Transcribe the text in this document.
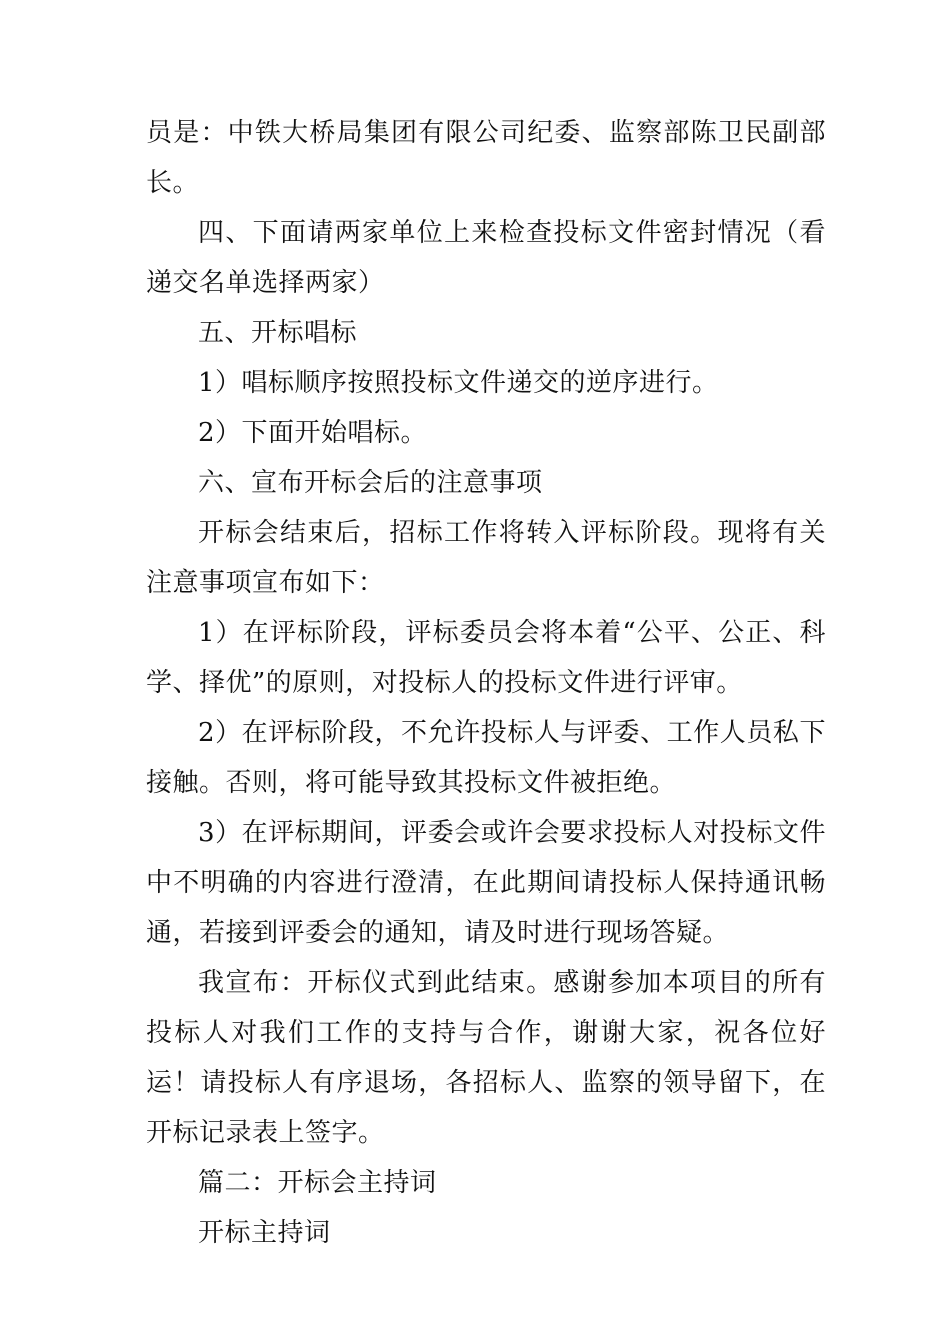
员是：中铁大桥局集团有限公司纪委、监察部陈卫民副部长。

四、下面请两家单位上来检查投标文件密封情况（看递交名单选择两家）

五、开标唱标

1）唱标顺序按照投标文件递交的逆序进行。

2）下面开始唱标。

六、宣布开标会后的注意事项

开标会结束后，招标工作将转入评标阶段。现将有关注意事项宣布如下：

1）在评标阶段，评标委员会将本着“公平、公正、科学、择优”的原则，对投标人的投标文件进行评审。

2）在评标阶段，不允许投标人与评委、工作人员私下接触。否则，将可能导致其投标文件被拒绝。

3）在评标期间，评委会或许会要求投标人对投标文件中不明确的内容进行澄清，在此期间请投标人保持通讯畅通，若接到评委会的通知，请及时进行现场答疑。

我宣布：开标仪式到此结束。感谢参加本项目的所有投标人对我们工作的支持与合作，谢谢大家，祝各位好运！请投标人有序退场，各招标人、监察的领导留下，在开标记录表上签字。

篇二：开标会主持词

开标主持词
